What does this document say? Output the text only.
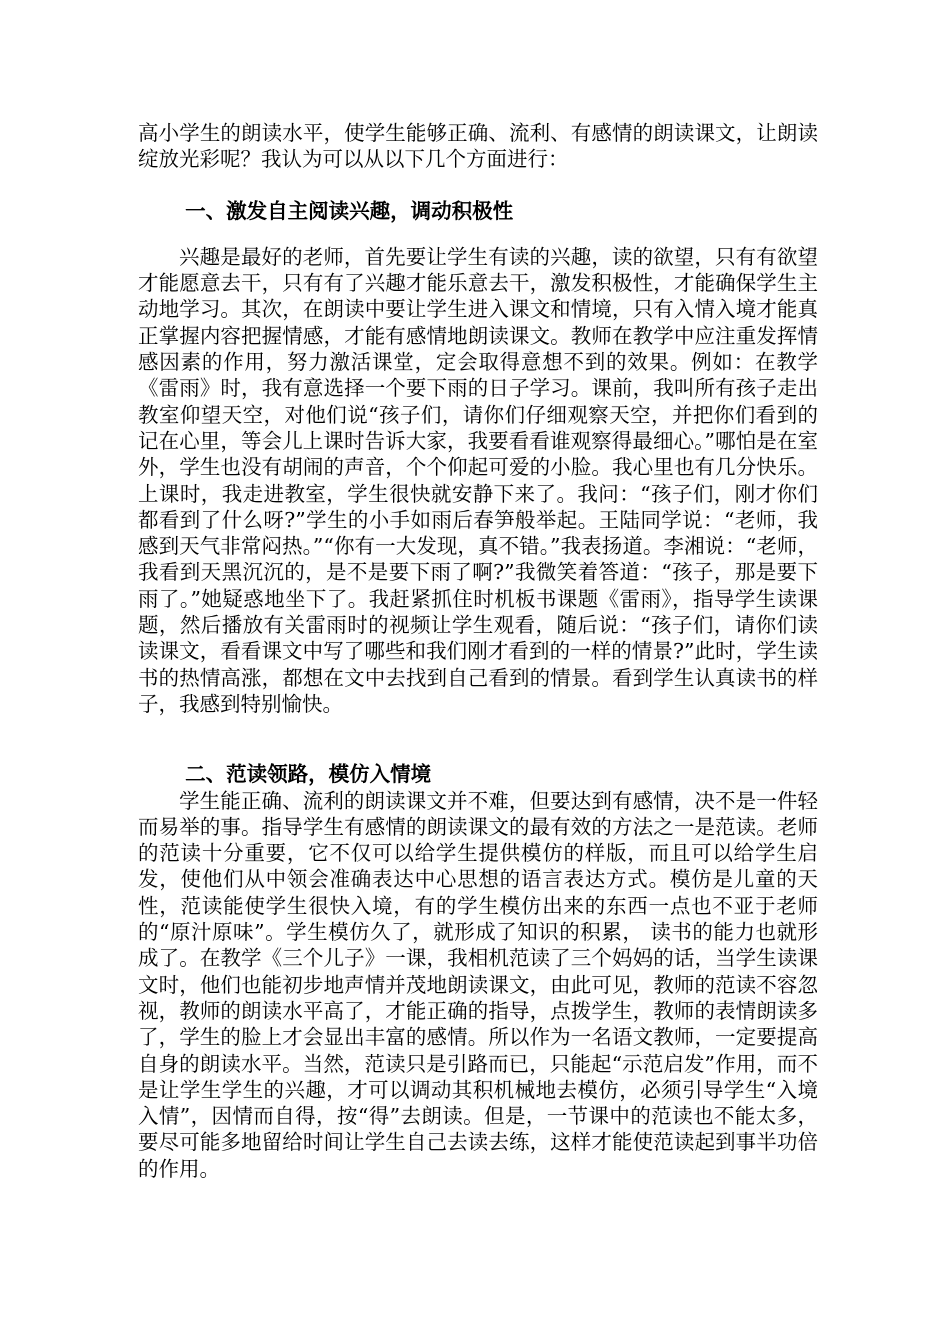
高小学生的朗读水平，使学生能够正确、流利、有感情的朗读课文，让朗读绽放光彩呢？我认为可以从以下几个方面进行：

一、激发自主阅读兴趣，调动积极性

兴趣是最好的老师，首先要让学生有读的兴趣，读的欲望，只有有欲望才能愿意去干，只有有了兴趣才能乐意去干，激发积极性，才能确保学生主动地学习。其次，在朗读中要让学生进入课文和情境，只有入情入境才能真正掌握内容把握情感，才能有感情地朗读课文。教师在教学中应注重发挥情感因素的作用，努力激活课堂，定会取得意想不到的效果。例如：在教学《雷雨》时，我有意选择一个要下雨的日子学习。课前，我叫所有孩子走出教室仰望天空，对他们说“孩子们，请你们仔细观察天空，并把你们看到的记在心里，等会儿上课时告诉大家，我要看看谁观察得最细心。”哪怕是在室外，学生也没有胡闹的声音，个个仰起可爱的小脸。我心里也有几分快乐。上课时，我走进教室，学生很快就安静下来了。我问：“孩子们，刚才你们都看到了什么呀?”学生的小手如雨后春笋般举起。王陆同学说：“老师，我感到天气非常闷热。”“你有一大发现，真不错。”我表扬道。李湘说：“老师，我看到天黑沉沉的，是不是要下雨了啊?”我微笑着答道：“孩子，那是要下雨了。”她疑惑地坐下了。我赶紧抓住时机板书课题《雷雨》，指导学生读课题，然后播放有关雷雨时的视频让学生观看，随后说：“孩子们，请你们读读课文，看看课文中写了哪些和我们刚才看到的一样的情景?”此时，学生读书的热情高涨，都想在文中去找到自己看到的情景。看到学生认真读书的样子，我感到特别愉快。

二、范读领路，模仿入情境

学生能正确、流利的朗读课文并不难，但要达到有感情，决不是一件轻而易举的事。指导学生有感情的朗读课文的最有效的方法之一是范读。老师的范读十分重要，它不仅可以给学生提供模仿的样版，而且可以给学生启发，使他们从中领会准确表达中心思想的语言表达方式。模仿是儿童的天性，范读能使学生很快入境，有的学生模仿出来的东西一点也不亚于老师的“原汁原味”。学生模仿久了，就形成了知识的积累， 读书的能力也就形成了。在教学《三个儿子》一课，我相机范读了三个妈妈的话，当学生读课文时，他们也能初步地声情并茂地朗读课文，由此可见，教师的范读不容忽视，教师的朗读水平高了，才能正确的指导，点拨学生，教师的表情朗读多了，学生的脸上才会显出丰富的感情。所以作为一名语文教师，一定要提高自身的朗读水平。当然，范读只是引路而已，只能起“示范启发”作用，而不是让学生学生的兴趣，才可以调动其积机械地去模仿，必须引导学生“入境入情”，因情而自得，按“得”去朗读。但是，一节课中的范读也不能太多，要尽可能多地留给时间让学生自己去读去练，这样才能使范读起到事半功倍的作用。
